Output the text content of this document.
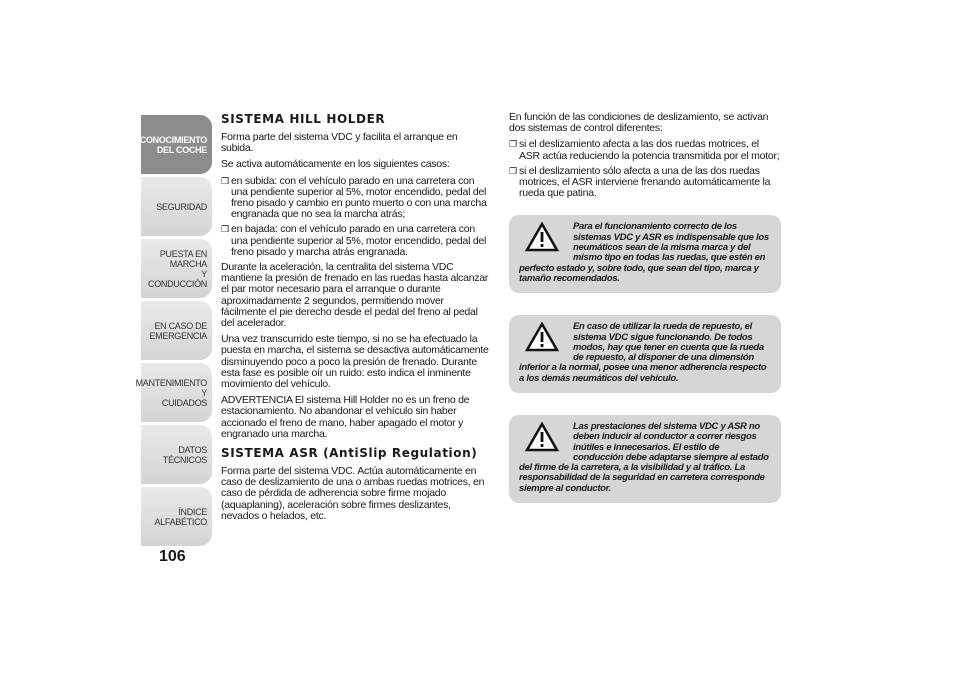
CONOCIMIENTO
DEL COCHE
SEGURIDAD
PUESTA EN MARCHA
Y CONDUCCIÓN
EN CASO DE
EMERGENCIA
MANTENIMIENTO Y
CUIDADOS
DATOS TÉCNICOS
ÍNDICE ALFABÉTICO
106
SISTEMA HILL HOLDER

Forma parte del sistema VDC y facilita el arranque en subida.

Se activa automáticamente en los siguientes casos:

❒ en subida: con el vehículo parado en una carretera con una pendiente superior al 5%, motor encendido, pedal del freno pisado y cambio en punto muerto o con una marcha engranada que no sea la marcha atrás;

❒ en bajada: con el vehículo parado en una carretera con una pendiente superior al 5%, motor encendido, pedal del freno pisado y marcha atrás engranada.

Durante la aceleración, la centralita del sistema VDC mantiene la presión de frenado en las ruedas hasta alcanzar el par motor necesario para el arranque o durante aproximadamente 2 segundos, permitiendo mover fácilmente el pie derecho desde el pedal del freno al pedal del acelerador.

Una vez transcurrido este tiempo, si no se ha efectuado la puesta en marcha, el sistema se desactiva automáticamente disminuyendo poco a poco la presión de frenado. Durante esta fase es posible oír un ruido: esto indica el inminente movimiento del vehículo.

ADVERTENCIA El sistema Hill Holder no es un freno de estacionamiento. No abandonar el vehículo sin haber accionado el freno de mano, haber apagado el motor y engranado una marcha.

SISTEMA ASR (AntiSlip Regulation)

Forma parte del sistema VDC. Actúa automáticamente en caso de deslizamiento de una o ambas ruedas motrices, en caso de pérdida de adherencia sobre firme mojado (aquaplaning), aceleración sobre firmes deslizantes, nevados o helados, etc.

En función de las condiciones de deslizamiento, se activan dos sistemas de control diferentes:

❒ si el deslizamiento afecta a las dos ruedas motrices, el ASR actúa reduciendo la potencia transmitida por el motor;

❒ si el deslizamiento sólo afecta a una de las dos ruedas motrices, el ASR interviene frenando automáticamente la rueda que patina.

Para el funcionamiento correcto de los sistemas VDC y ASR es indispensable que los neumáticos sean de la misma marca y del mismo tipo en todas las ruedas, que estén en perfecto estado y, sobre todo, que sean del tipo, marca y tamaño recomendados.
En caso de utilizar la rueda de repuesto, el sistema VDC sigue funcionando. De todos modos, hay que tener en cuenta que la rueda de repuesto, al disponer de una dimensión inferior a la normal, posee una menor adherencia respecto a los demás neumáticos del vehículo.
Las prestaciones del sistema VDC y ASR no deben inducir al conductor a correr riesgos inútiles e innecesarios. El estilo de conducción debe adaptarse siempre al estado del firme de la carretera, a la visibilidad y al tráfico. La responsabilidad de la seguridad en carretera corresponde siempre al conductor.
